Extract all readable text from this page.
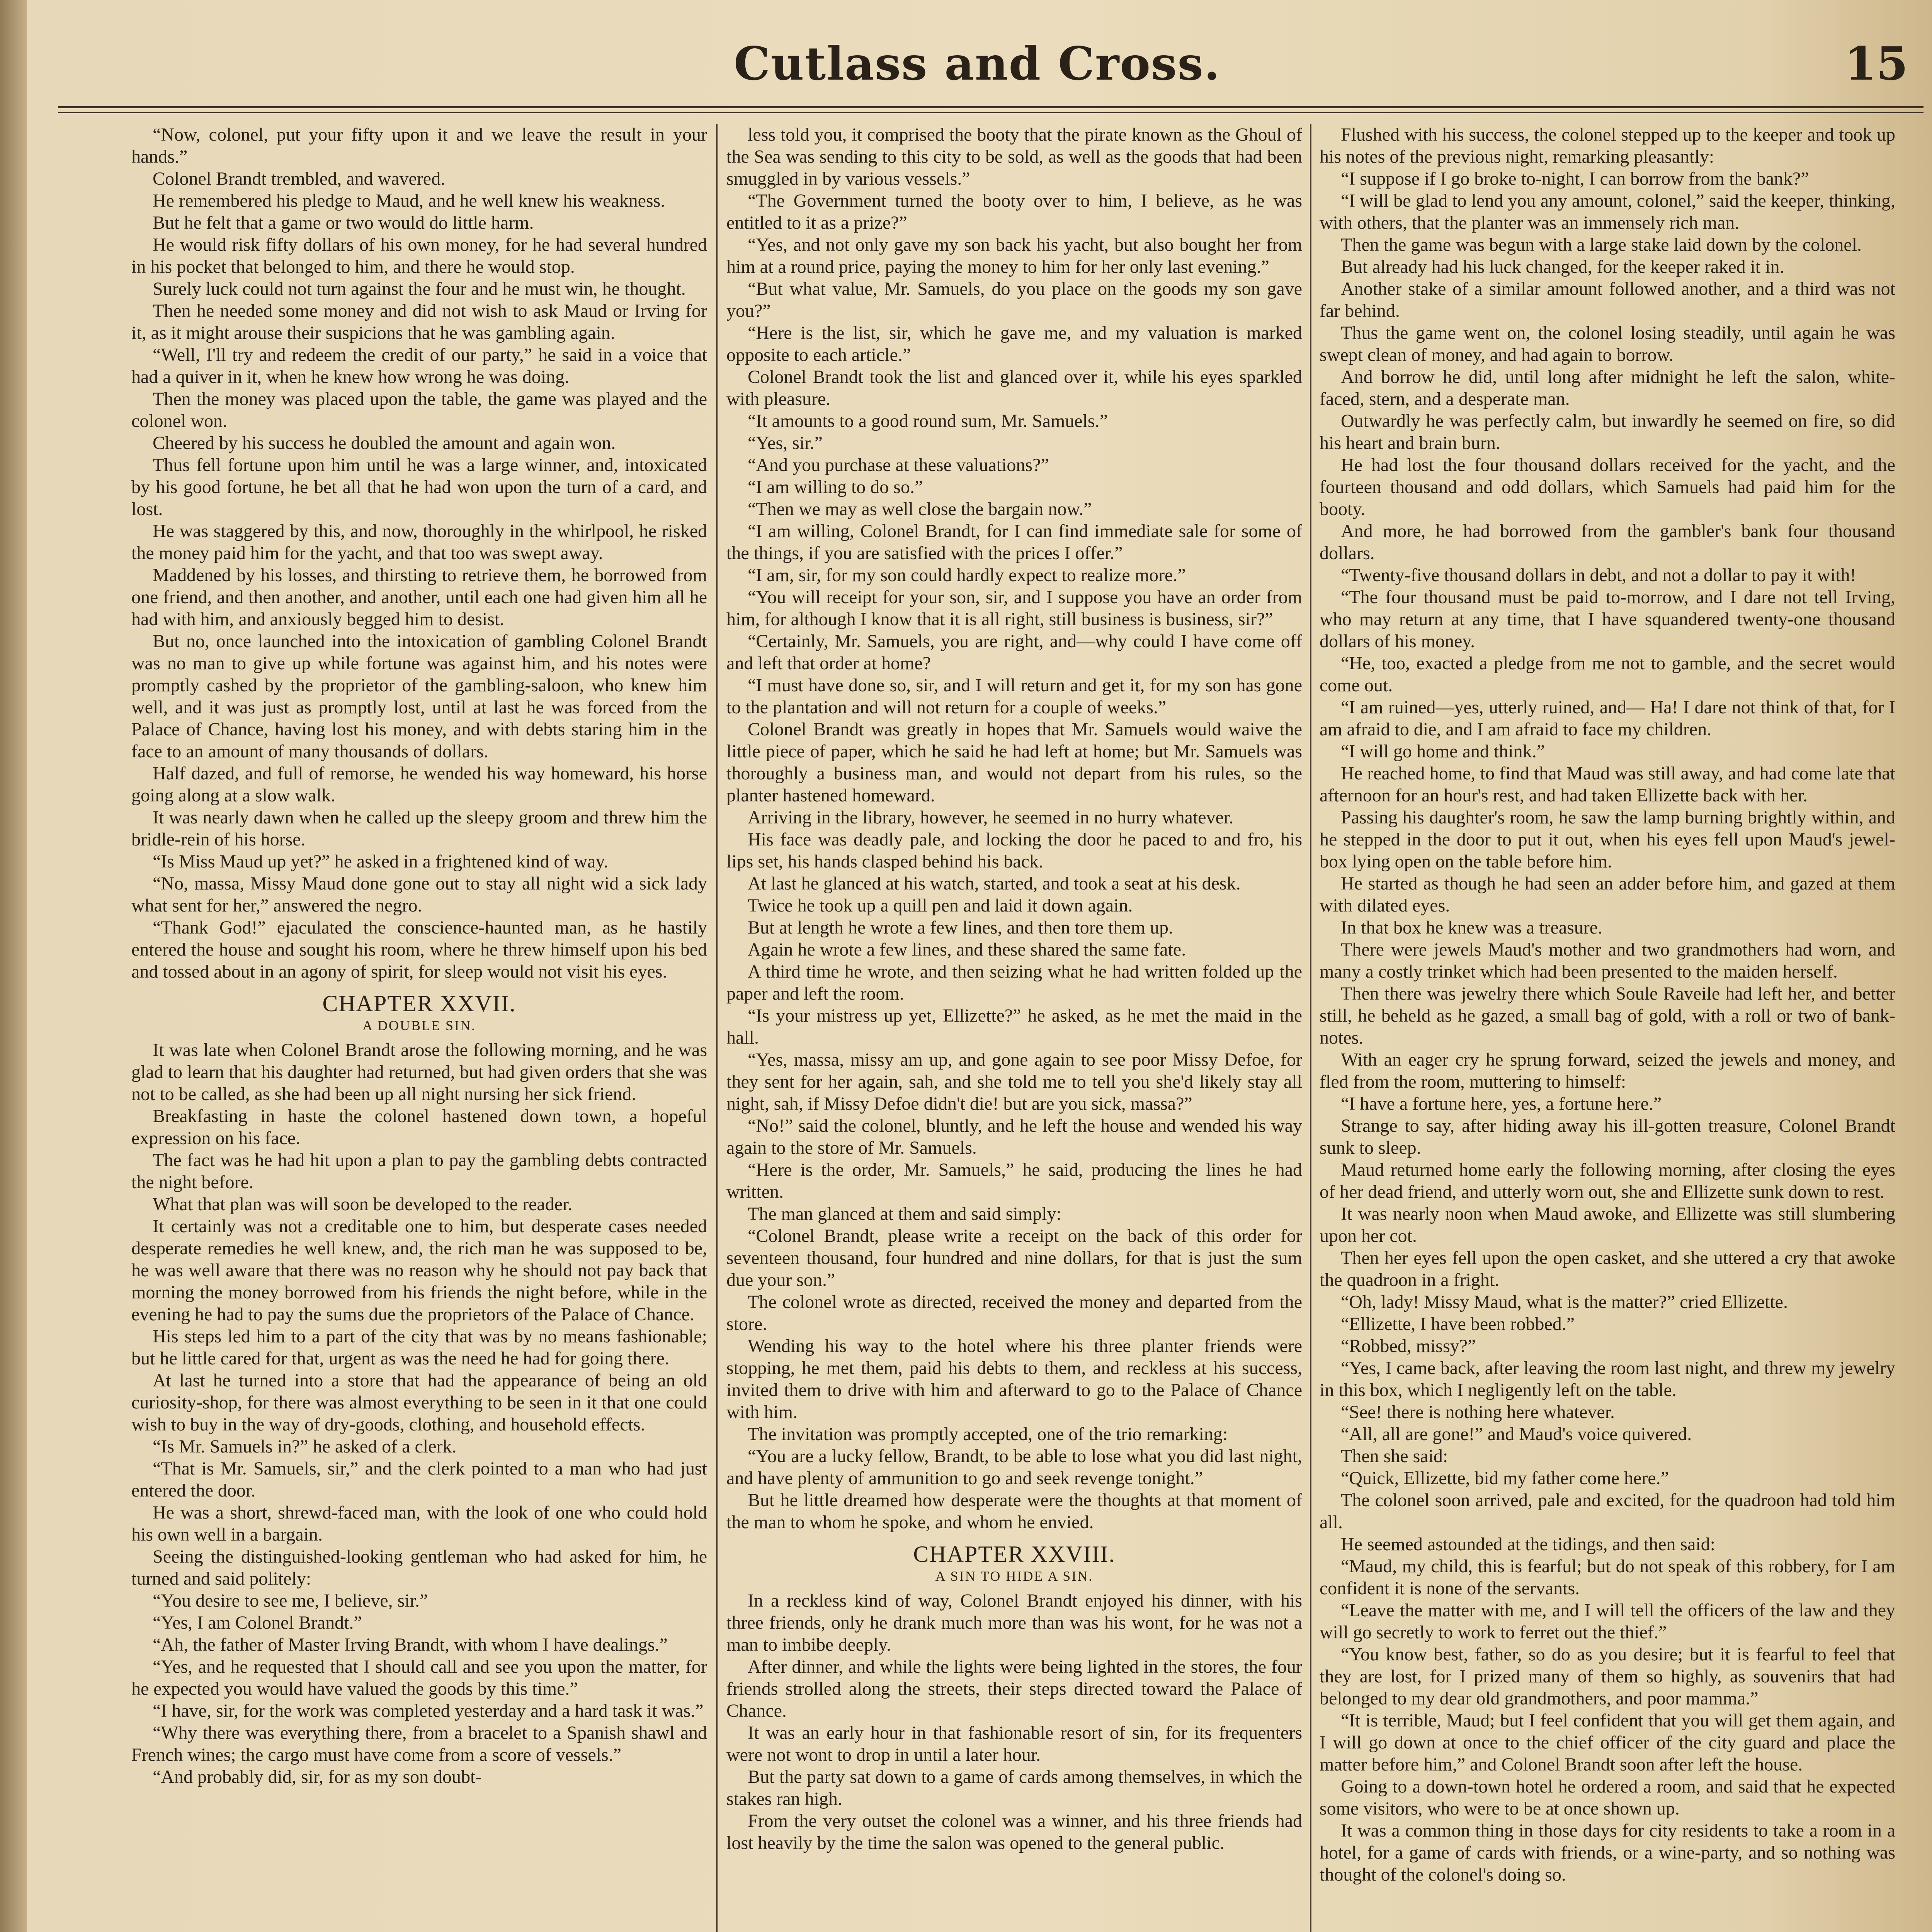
Cutlass and Cross.	15

“Now, colonel, put your fifty upon it and we leave the result in your hands.”

Colonel Brandt trembled, and wavered.

He remembered his pledge to Maud, and he well knew his weakness.

But he felt that a game or two would do little harm.

He would risk fifty dollars of his own money, for he had several hundred in his pocket that belonged to him, and there he would stop.

Surely luck could not turn against the four and he must win, he thought.

Then he needed some money and did not wish to ask Maud or Irving for it, as it might arouse their suspicions that he was gambling again.

“Well, I'll try and redeem the credit of our party,” he said in a voice that had a quiver in it, when he knew how wrong he was doing.

Then the money was placed upon the table, the game was played and the colonel won.

Cheered by his success he doubled the amount and again won.

Thus fell fortune upon him until he was a large winner, and, intoxicated by his good fortune, he bet all that he had won upon the turn of a card, and lost.

He was staggered by this, and now, thoroughly in the whirlpool, he risked the money paid him for the yacht, and that too was swept away.

Maddened by his losses, and thirsting to retrieve them, he borrowed from one friend, and then another, and another, until each one had given him all he had with him, and anxiously begged him to desist.

But no, once launched into the intoxication of gambling Colonel Brandt was no man to give up while fortune was against him, and his notes were promptly cashed by the proprietor of the gambling-saloon, who knew him well, and it was just as promptly lost, until at last he was forced from the Palace of Chance, having lost his money, and with debts staring him in the face to an amount of many thousands of dollars.

Half dazed, and full of remorse, he wended his way homeward, his horse going along at a slow walk.

It was nearly dawn when he called up the sleepy groom and threw him the bridle-rein of his horse.

“Is Miss Maud up yet?” he asked in a frightened kind of way.

“No, massa, Missy Maud done gone out to stay all night wid a sick lady what sent for her,” answered the negro.

“Thank God!” ejaculated the conscience-haunted man, as he hastily entered the house and sought his room, where he threw himself upon his bed and tossed about in an agony of spirit, for sleep would not visit his eyes.

CHAPTER XXVII.

A DOUBLE SIN.

It was late when Colonel Brandt arose the following morning, and he was glad to learn that his daughter had returned, but had given orders that she was not to be called, as she had been up all night nursing her sick friend.

Breakfasting in haste the colonel hastened down town, a hopeful expression on his face.

The fact was he had hit upon a plan to pay the gambling debts contracted the night before.

What that plan was will soon be developed to the reader.

It certainly was not a creditable one to him, but desperate cases needed desperate remedies he well knew, and, the rich man he was supposed to be, he was well aware that there was no reason why he should not pay back that morning the money borrowed from his friends the night before, while in the evening he had to pay the sums due the proprietors of the Palace of Chance.

His steps led him to a part of the city that was by no means fashionable; but he little cared for that, urgent as was the need he had for going there.

At last he turned into a store that had the appearance of being an old curiosity-shop, for there was almost everything to be seen in it that one could wish to buy in the way of dry-goods, clothing, and household effects.

“Is Mr. Samuels in?” he asked of a clerk.

“That is Mr. Samuels, sir,” and the clerk pointed to a man who had just entered the door.

He was a short, shrewd-faced man, with the look of one who could hold his own well in a bargain.

Seeing the distinguished-looking gentleman who had asked for him, he turned and said politely:

“You desire to see me, I believe, sir.”

“Yes, I am Colonel Brandt.”

“Ah, the father of Master Irving Brandt, with whom I have dealings.”

“Yes, and he requested that I should call and see you upon the matter, for he expected you would have valued the goods by this time.”

“I have, sir, for the work was completed yesterday and a hard task it was.”

“Why there was everything there, from a bracelet to a Spanish shawl and French wines; the cargo must have come from a score of vessels.”

“And probably did, sir, for as my son doubt-

less told you, it comprised the booty that the pirate known as the Ghoul of the Sea was sending to this city to be sold, as well as the goods that had been smuggled in by various vessels.”

“The Government turned the booty over to him, I believe, as he was entitled to it as a prize?”

“Yes, and not only gave my son back his yacht, but also bought her from him at a round price, paying the money to him for her only last evening.”

“But what value, Mr. Samuels, do you place on the goods my son gave you?”

“Here is the list, sir, which he gave me, and my valuation is marked opposite to each article.”

Colonel Brandt took the list and glanced over it, while his eyes sparkled with pleasure.

“It amounts to a good round sum, Mr. Samuels.”

“Yes, sir.”

“And you purchase at these valuations?”

“I am willing to do so.”

“Then we may as well close the bargain now.”

“I am willing, Colonel Brandt, for I can find immediate sale for some of the things, if you are satisfied with the prices I offer.”

“I am, sir, for my son could hardly expect to realize more.”

“You will receipt for your son, sir, and I suppose you have an order from him, for although I know that it is all right, still business is business, sir?”

“Certainly, Mr. Samuels, you are right, and—why could I have come off and left that order at home?

“I must have done so, sir, and I will return and get it, for my son has gone to the plantation and will not return for a couple of weeks.”

Colonel Brandt was greatly in hopes that Mr. Samuels would waive the little piece of paper, which he said he had left at home; but Mr. Samuels was thoroughly a business man, and would not depart from his rules, so the planter hastened homeward.

Arriving in the library, however, he seemed in no hurry whatever.

His face was deadly pale, and locking the door he paced to and fro, his lips set, his hands clasped behind his back.

At last he glanced at his watch, started, and took a seat at his desk.

Twice he took up a quill pen and laid it down again.

But at length he wrote a few lines, and then tore them up.

Again he wrote a few lines, and these shared the same fate.

A third time he wrote, and then seizing what he had written folded up the paper and left the room.

“Is your mistress up yet, Ellizette?” he asked, as he met the maid in the hall.

“Yes, massa, missy am up, and gone again to see poor Missy Defoe, for they sent for her again, sah, and she told me to tell you she'd likely stay all night, sah, if Missy Defoe didn't die! but are you sick, massa?”

“No!” said the colonel, bluntly, and he left the house and wended his way again to the store of Mr. Samuels.

“Here is the order, Mr. Samuels,” he said, producing the lines he had written.

The man glanced at them and said simply:

“Colonel Brandt, please write a receipt on the back of this order for seventeen thousand, four hundred and nine dollars, for that is just the sum due your son.”

The colonel wrote as directed, received the money and departed from the store.

Wending his way to the hotel where his three planter friends were stopping, he met them, paid his debts to them, and reckless at his success, invited them to drive with him and afterward to go to the Palace of Chance with him.

The invitation was promptly accepted, one of the trio remarking:

“You are a lucky fellow, Brandt, to be able to lose what you did last night, and have plenty of ammunition to go and seek revenge tonight.”

But he little dreamed how desperate were the thoughts at that moment of the man to whom he spoke, and whom he envied.

CHAPTER XXVIII.

A SIN TO HIDE A SIN.

In a reckless kind of way, Colonel Brandt enjoyed his dinner, with his three friends, only he drank much more than was his wont, for he was not a man to imbibe deeply.

After dinner, and while the lights were being lighted in the stores, the four friends strolled along the streets, their steps directed toward the Palace of Chance.

It was an early hour in that fashionable resort of sin, for its frequenters were not wont to drop in until a later hour.

But the party sat down to a game of cards among themselves, in which the stakes ran high.

From the very outset the colonel was a winner, and his three friends had lost heavily by the time the salon was opened to the general public.

Flushed with his success, the colonel stepped up to the keeper and took up his notes of the previous night, remarking pleasantly:

“I suppose if I go broke to-night, I can borrow from the bank?”

“I will be glad to lend you any amount, colonel,” said the keeper, thinking, with others, that the planter was an immensely rich man.

Then the game was begun with a large stake laid down by the colonel.

But already had his luck changed, for the keeper raked it in.

Another stake of a similar amount followed another, and a third was not far behind.

Thus the game went on, the colonel losing steadily, until again he was swept clean of money, and had again to borrow.

And borrow he did, until long after midnight he left the salon, white-faced, stern, and a desperate man.

Outwardly he was perfectly calm, but inwardly he seemed on fire, so did his heart and brain burn.

He had lost the four thousand dollars received for the yacht, and the fourteen thousand and odd dollars, which Samuels had paid him for the booty.

And more, he had borrowed from the gambler's bank four thousand dollars.

“Twenty-five thousand dollars in debt, and not a dollar to pay it with!

“The four thousand must be paid to-morrow, and I dare not tell Irving, who may return at any time, that I have squandered twenty-one thousand dollars of his money.

“He, too, exacted a pledge from me not to gamble, and the secret would come out.

“I am ruined—yes, utterly ruined, and— Ha! I dare not think of that, for I am afraid to die, and I am afraid to face my children.

“I will go home and think.”

He reached home, to find that Maud was still away, and had come late that afternoon for an hour's rest, and had taken Ellizette back with her.

Passing his daughter's room, he saw the lamp burning brightly within, and he stepped in the door to put it out, when his eyes fell upon Maud's jewel-box lying open on the table before him.

He started as though he had seen an adder before him, and gazed at them with dilated eyes.

In that box he knew was a treasure.

There were jewels Maud's mother and two grandmothers had worn, and many a costly trinket which had been presented to the maiden herself.

Then there was jewelry there which Soule Raveile had left her, and better still, he beheld as he gazed, a small bag of gold, with a roll or two of bank-notes.

With an eager cry he sprung forward, seized the jewels and money, and fled from the room, muttering to himself:

“I have a fortune here, yes, a fortune here.”

Strange to say, after hiding away his ill-gotten treasure, Colonel Brandt sunk to sleep.

Maud returned home early the following morning, after closing the eyes of her dead friend, and utterly worn out, she and Ellizette sunk down to rest.

It was nearly noon when Maud awoke, and Ellizette was still slumbering upon her cot.

Then her eyes fell upon the open casket, and she uttered a cry that awoke the quadroon in a fright.

“Oh, lady! Missy Maud, what is the matter?” cried Ellizette.

“Ellizette, I have been robbed.”

“Robbed, missy?”

“Yes, I came back, after leaving the room last night, and threw my jewelry in this box, which I negligently left on the table.

“See! there is nothing here whatever.

“All, all are gone!” and Maud's voice quivered.

Then she said:

“Quick, Ellizette, bid my father come here.”

The colonel soon arrived, pale and excited, for the quadroon had told him all.

He seemed astounded at the tidings, and then said:

“Maud, my child, this is fearful; but do not speak of this robbery, for I am confident it is none of the servants.

“Leave the matter with me, and I will tell the officers of the law and they will go secretly to work to ferret out the thief.”

“You know best, father, so do as you desire; but it is fearful to feel that they are lost, for I prized many of them so highly, as souvenirs that had belonged to my dear old grandmothers, and poor mamma.”

“It is terrible, Maud; but I feel confident that you will get them again, and I will go down at once to the chief officer of the city guard and place the matter before him,” and Colonel Brandt soon after left the house.

Going to a down-town hotel he ordered a room, and said that he expected some visitors, who were to be at once shown up.

It was a common thing in those days for city residents to take a room in a hotel, for a game of cards with friends, or a wine-party, and so nothing was thought of the colonel's doing so.
